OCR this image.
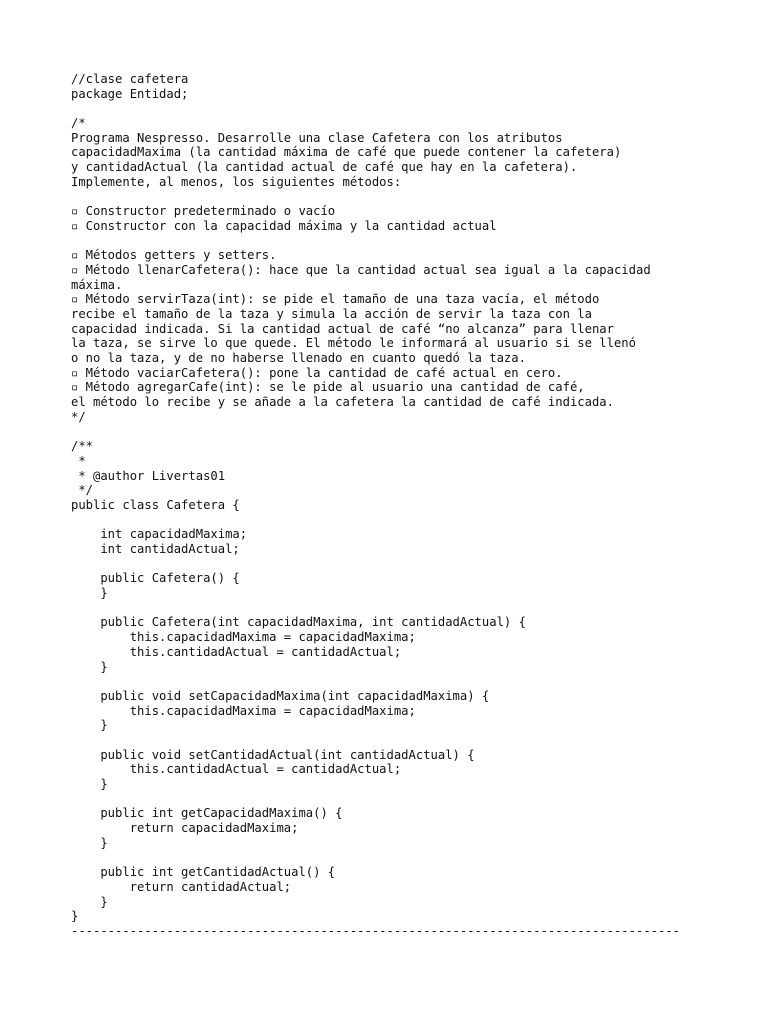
//clase cafetera
package Entidad;
/*
Programa Nespresso. Desarrolle una clase Cafetera con los atributos
capacidadMaxima (la cantidad máxima de café que puede contener la cafetera)
y cantidadActual (la cantidad actual de café que hay en la cafetera).
Implemente, al menos, los siguientes métodos:
▫ Constructor predeterminado o vacío
▫ Constructor con la capacidad máxima y la cantidad actual
▫ Métodos getters y setters.
▫ Método llenarCafetera(): hace que la cantidad actual sea igual a la capacidad
máxima.
▫ Método servirTaza(int): se pide el tamaño de una taza vacía, el método
recibe el tamaño de la taza y simula la acción de servir la taza con la
capacidad indicada. Si la cantidad actual de café “no alcanza” para llenar
la taza, se sirve lo que quede. El método le informará al usuario si se llenó
o no la taza, y de no haberse llenado en cuanto quedó la taza.
▫ Método vaciarCafetera(): pone la cantidad de café actual en cero.
▫ Método agregarCafe(int): se le pide al usuario una cantidad de café,
el método lo recibe y se añade a la cafetera la cantidad de café indicada.
*/
/**
*
* @author Livertas01
*/
public class Cafetera {
int capacidadMaxima;
int cantidadActual;
public Cafetera() {
}
public Cafetera(int capacidadMaxima, int cantidadActual) {
this.capacidadMaxima = capacidadMaxima;
this.cantidadActual = cantidadActual;
}
public void setCapacidadMaxima(int capacidadMaxima) {
this.capacidadMaxima = capacidadMaxima;
}
public void setCantidadActual(int cantidadActual) {
this.cantidadActual = cantidadActual;
}
public int getCapacidadMaxima() {
return capacidadMaxima;
}
public int getCantidadActual() {
return cantidadActual;
}
}
-----------------------------------------------------------------------------------
